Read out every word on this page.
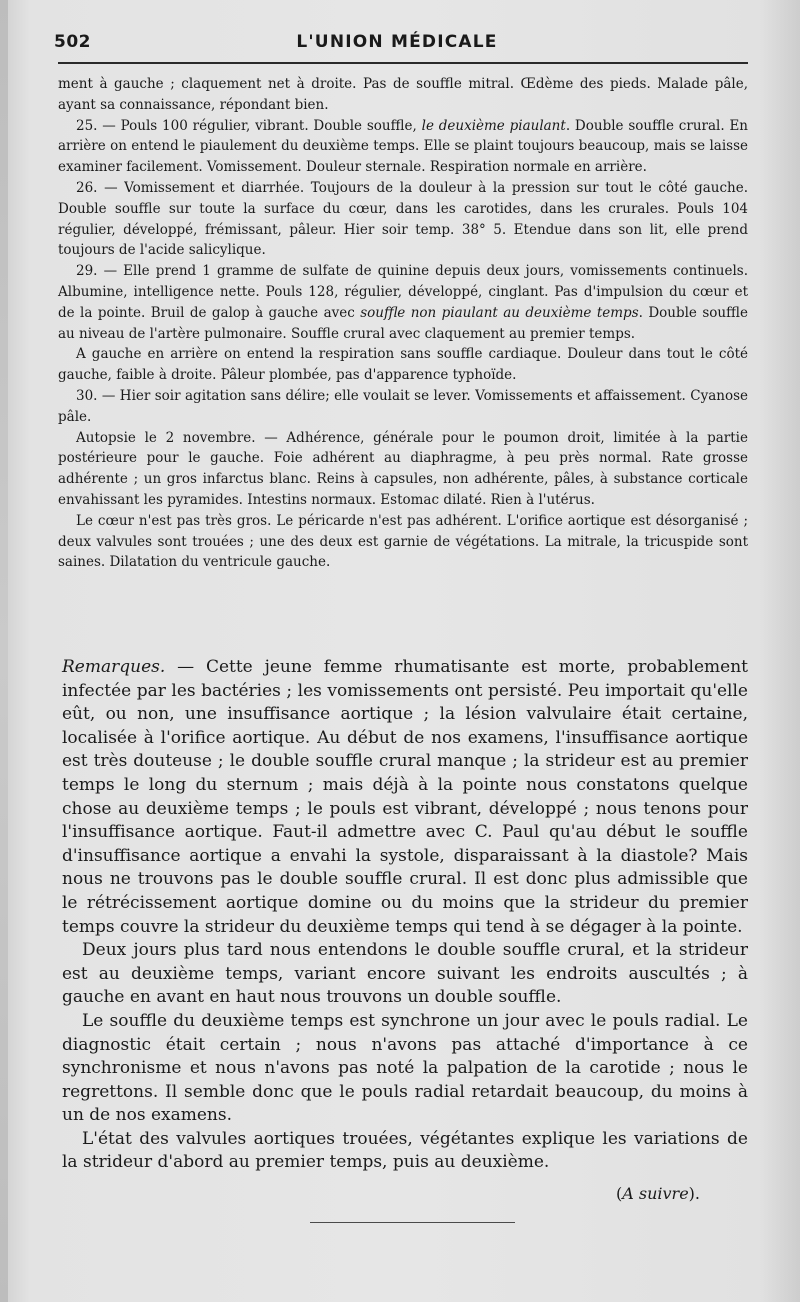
502	L'UNION MÉDICALE

ment à gauche ; claquement net à droite. Pas de souffle mitral. Œdème des pieds. Malade pâle, ayant sa connaissance, répondant bien.

25. — Pouls 100 régulier, vibrant. Double souffle, le deuxième piaulant. Double souffle crural. En arrière on entend le piaulement du deuxième temps. Elle se plaint toujours beaucoup, mais se laisse examiner facilement. Vomissement. Douleur sternale. Respiration normale en arrière.

26. — Vomissement et diarrhée. Toujours de la douleur à la pression sur tout le côté gauche. Double souffle sur toute la surface du cœur, dans les carotides, dans les crurales. Pouls 104 régulier, développé, frémissant, pâleur. Hier soir temp. 38° 5. Etendue dans son lit, elle prend toujours de l'acide salicylique.

29. — Elle prend 1 gramme de sulfate de quinine depuis deux jours, vomissements continuels. Albumine, intelligence nette. Pouls 128, régulier, développé, cinglant. Pas d'impulsion du cœur et de la pointe. Bruil de galop à gauche avec souffle non piaulant au deuxième temps. Double souffle au niveau de l'artère pulmonaire. Souffle crural avec claquement au premier temps.

A gauche en arrière on entend la respiration sans souffle cardiaque. Douleur dans tout le côté gauche, faible à droite. Pâleur plombée, pas d'apparence typhoïde.

30. — Hier soir agitation sans délire; elle voulait se lever. Vomissements et affaissement. Cyanose pâle.

Autopsie le 2 novembre. — Adhérence, générale pour le poumon droit, limitée à la partie postérieure pour le gauche. Foie adhérent au diaphragme, à peu près normal. Rate grosse adhérente ; un gros infarctus blanc. Reins à capsules, non adhérente, pâles, à substance corticale envahissant les pyramides. Intestins normaux. Estomac dilaté. Rien à l'utérus.

Le cœur n'est pas très gros. Le péricarde n'est pas adhérent. L'orifice aortique est désorganisé ; deux valvules sont trouées ; une des deux est garnie de végétations. La mitrale, la tricuspide sont saines. Dilatation du ventricule gauche.

Remarques. — Cette jeune femme rhumatisante est morte, probablement infectée par les bactéries ; les vomissements ont persisté. Peu importait qu'elle eût, ou non, une insuffisance aortique ; la lésion valvulaire était certaine, localisée à l'orifice aortique. Au début de nos examens, l'insuffisance aortique est très douteuse ; le double souffle crural manque ; la strideur est au premier temps le long du sternum ; mais déjà à la pointe nous constatons quelque chose au deuxième temps ; le pouls est vibrant, développé ; nous tenons pour l'insuffisance aortique. Faut-il admettre avec C. Paul qu'au début le souffle d'insuffisance aortique a envahi la systole, disparaissant à la diastole? Mais nous ne trouvons pas le double souffle crural. Il est donc plus admissible que le rétrécissement aortique domine ou du moins que la strideur du premier temps couvre la strideur du deuxième temps qui tend à se dégager à la pointe.

Deux jours plus tard nous entendons le double souffle crural, et la strideur est au deuxième temps, variant encore suivant les endroits auscultés ; à gauche en avant en haut nous trouvons un double souffle.

Le souffle du deuxième temps est synchrone un jour avec le pouls radial. Le diagnostic était certain ; nous n'avons pas attaché d'importance à ce synchronisme et nous n'avons pas noté la palpation de la carotide ; nous le regrettons. Il semble donc que le pouls radial retardait beaucoup, du moins à un de nos examens.

L'état des valvules aortiques trouées, végétantes explique les variations de la strideur d'abord au premier temps, puis au deuxième.

(A suivre).
